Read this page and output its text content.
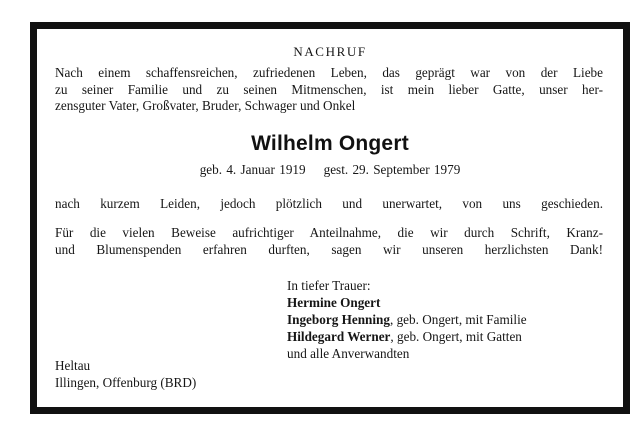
NACHRUF
Nach einem schaffensreichen, zufriedenen Leben, das geprägt war von der Liebe
zu seiner Familie und zu seinen Mitmenschen, ist mein lieber Gatte, unser her-
zensguter Vater, Großvater, Bruder, Schwager und Onkel
Wilhelm Ongert
geb. 4. Januar 1919 gest. 29. September 1979
nach kurzem Leiden, jedoch plötzlich und unerwartet, von uns geschieden.
Für die vielen Beweise aufrichtiger Anteilnahme, die wir durch Schrift, Kranz-
und Blumenspenden erfahren durften, sagen wir unseren herzlichsten Dank!
In tiefer Trauer:
Hermine Ongert
Ingeborg Henning, geb. Ongert, mit Familie
Hildegard Werner, geb. Ongert, mit Gatten
und alle Anverwandten
Heltau
Illingen, Offenburg (BRD)
